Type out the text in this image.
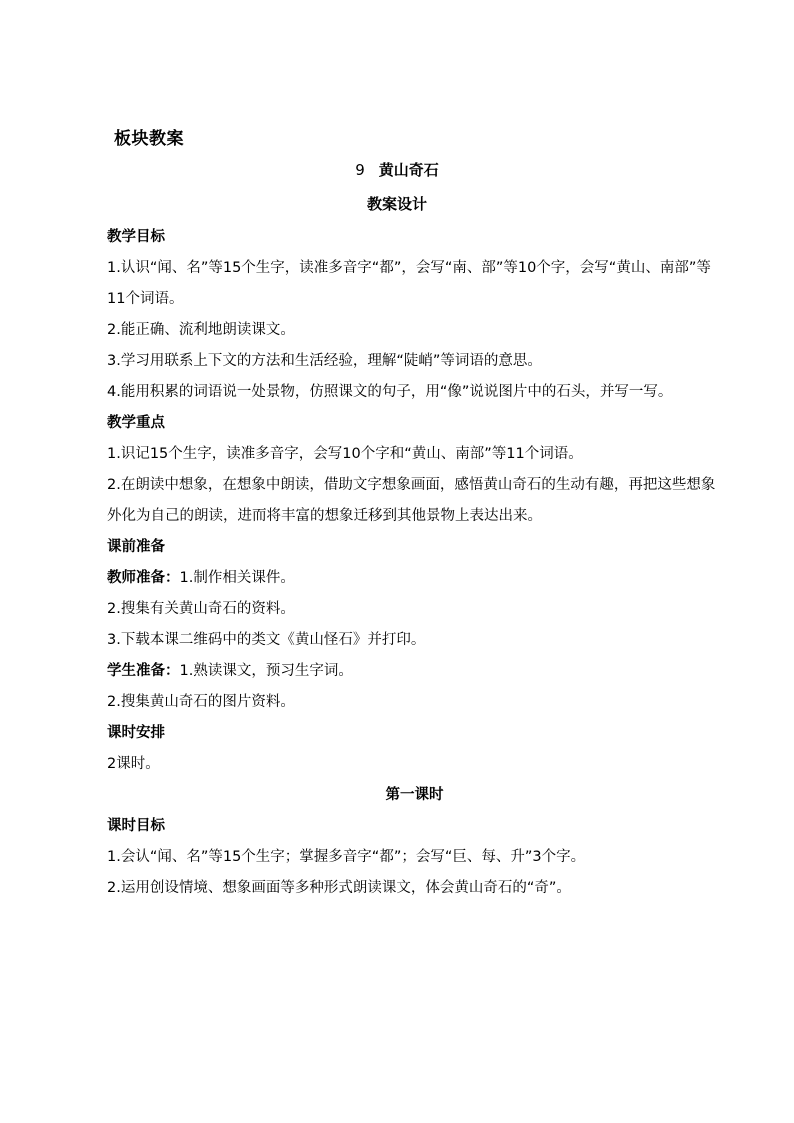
板块教案
9 黄山奇石
教案设计

教学目标

1.认识“闻、名”等15个生字，读准多音字“都”，会写“南、部”等10个字，会写“黄山、南部”等11个词语。

2.能正确、流利地朗读课文。

3.学习用联系上下文的方法和生活经验，理解“陡峭”等词语的意思。

4.能用积累的词语说一处景物，仿照课文的句子，用“像”说说图片中的石头，并写一写。

教学重点

1.识记15个生字，读准多音字，会写10个字和“黄山、南部”等11个词语。

2.在朗读中想象，在想象中朗读，借助文字想象画面，感悟黄山奇石的生动有趣，再把这些想象外化为自己的朗读，进而将丰富的想象迁移到其他景物上表达出来。

课前准备

教师准备：1.制作相关课件。

2.搜集有关黄山奇石的资料。

3.下载本课二维码中的类文《黄山怪石》并打印。

学生准备：1.熟读课文，预习生字词。

2.搜集黄山奇石的图片资料。

课时安排

2课时。

第一课时

课时目标

1.会认“闻、名”等15个生字；掌握多音字“都”；会写“巨、每、升”3个字。

2.运用创设情境、想象画面等多种形式朗读课文，体会黄山奇石的“奇”。
